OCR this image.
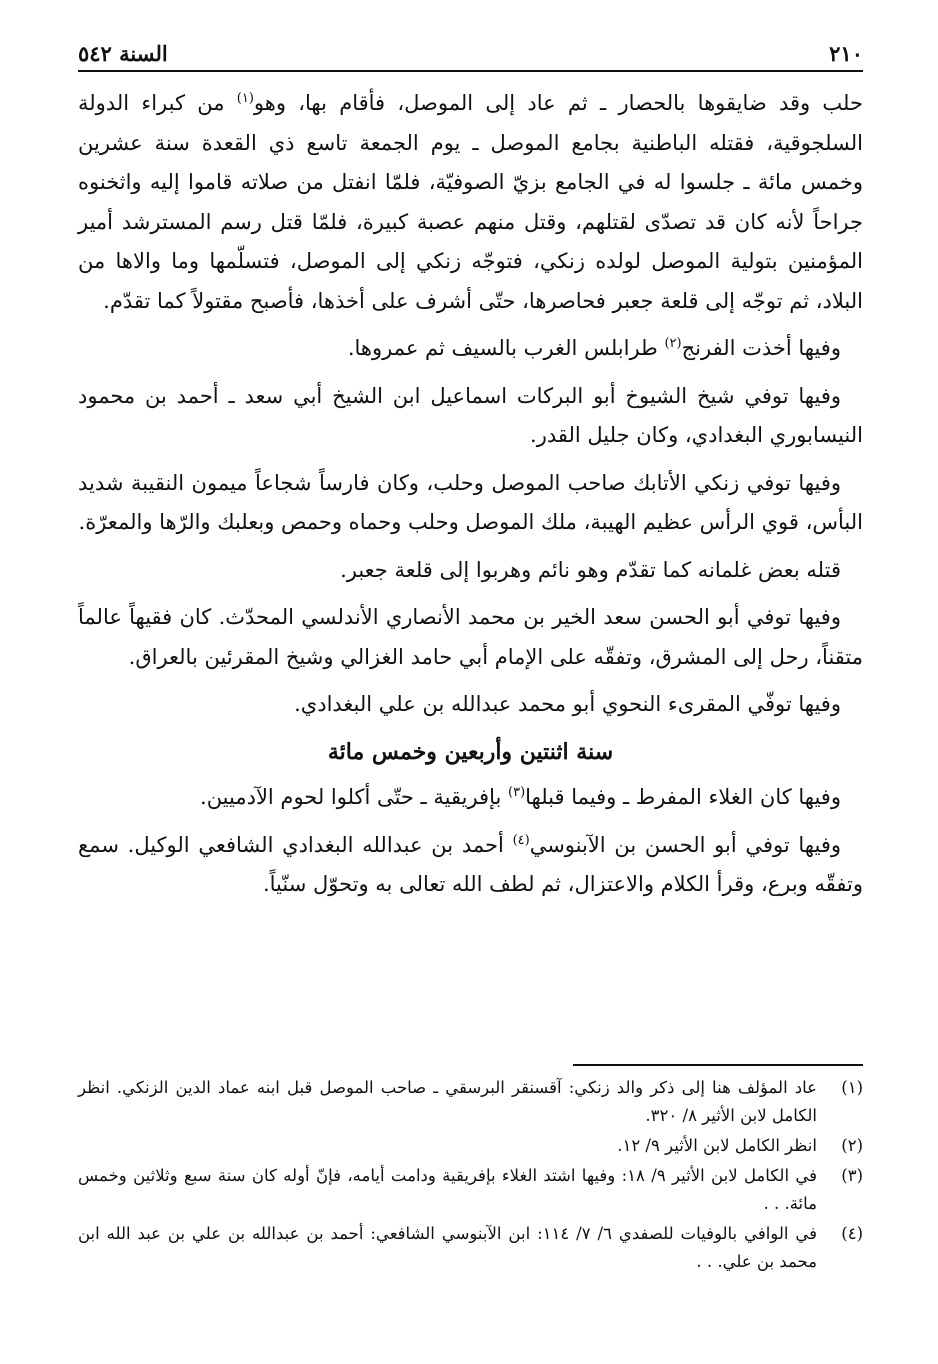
٢١٠
السنة ٥٤٢

حلب وقد ضايقوها بالحصار ـ ثم عاد إلى الموصل، فأقام بها، وهو$^{(١)}$ من كبراء الدولة السلجوقية، فقتله الباطنية بجامع الموصل ـ يوم الجمعة تاسع ذي القعدة سنة عشرين وخمس مائة ـ جلسوا له في الجامع بزيّ الصوفيّة، فلمّا انفتل من صلاته قاموا إليه واثخنوه جراحاً لأنه كان قد تصدّى لقتلهم، وقتل منهم عصبة كبيرة، فلمّا قتل رسم المسترشد أمير المؤمنين بتولية الموصل لولده زنكي، فتوجّه زنكي إلى الموصل، فتسلّمها وما والاها من البلاد، ثم توجّه إلى قلعة جعبر فحاصرها، حتّى أشرف على أخذها، فأصبح مقتولاً كما تقدّم.

وفيها أخذت الفرنج$^{(٢)}$ طرابلس الغرب بالسيف ثم عمروها.

وفيها توفي شيخ الشيوخ أبو البركات اسماعيل ابن الشيخ أبي سعد ـ أحمد بن محمود النيسابوري البغدادي، وكان جليل القدر.

وفيها توفي زنكي الأتابك صاحب الموصل وحلب، وكان فارساً شجاعاً ميمون النقيبة شديد البأس، قوي الرأس عظيم الهيبة، ملك الموصل وحلب وحماه وحمص وبعلبك والرّها والمعرّة.

قتله بعض غلمانه كما تقدّم وهو نائم وهربوا إلى قلعة جعبر.

وفيها توفي أبو الحسن سعد الخير بن محمد الأنصاري الأندلسي المحدّث. كان فقيهاً عالماً متقناً، رحل إلى المشرق، وتفقّه على الإمام أبي حامد الغزالي وشيخ المقرئين بالعراق.

وفيها توفّي المقرىء النحوي أبو محمد عبدالله بن علي البغدادي.

سنة اثنتين وأربعين وخمس مائة

وفيها كان الغلاء المفرط ـ وفيما قبلها$^{(٣)}$ بإفريقية ـ حتّى أكلوا لحوم الآدميين.

وفيها توفي أبو الحسن بن الآبنوسي$^{(٤)}$ أحمد بن عبدالله البغدادي الشافعي الوكيل. سمع وتفقّه وبرع، وقرأ الكلام والاعتزال، ثم لطف الله تعالى به وتحوّل سنّياً.

(١)
عاد المؤلف هنا إلى ذكر والد زنكي: آقسنقر البرسقي ـ صاحب الموصل قبل ابنه عماد الدين الزنكي. انظر الكامل لابن الأثير ٨/ ٣٢٠.
(٢)
انظر الكامل لابن الأثير ٩/ ١٢.
(٣)
في الكامل لابن الأثير ٩/ ١٨: وفيها اشتد الغلاء بإفريقية ودامت أيامه، فإنّ أوله كان سنة سبع وثلاثين وخمس مائة. . .
(٤)
في الوافي بالوفيات للصفدي ٦/ ٧/ ١١٤: ابن الآبنوسي الشافعي: أحمد بن عبدالله بن علي بن عبد الله ابن محمد بن علي. . .
